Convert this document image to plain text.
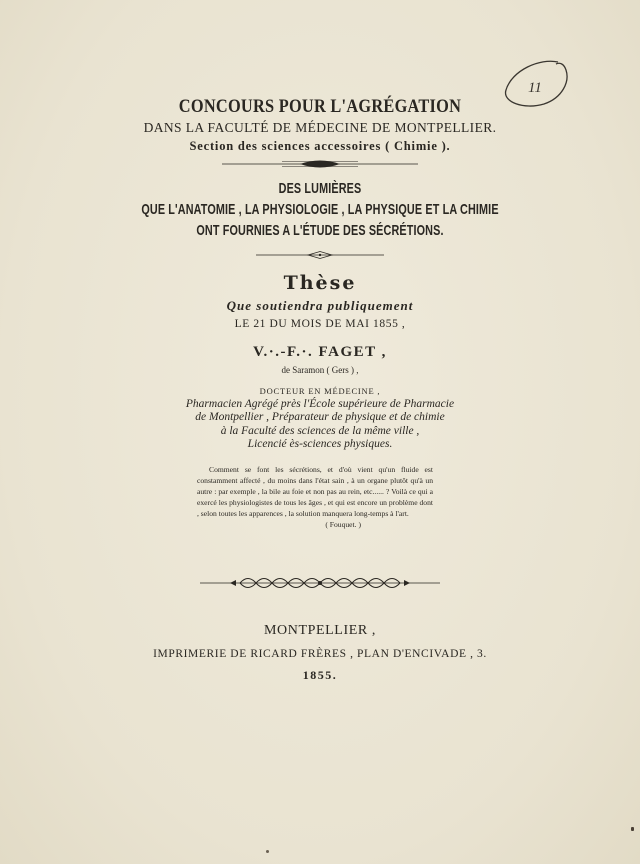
CONCOURS POUR L'AGRÉGATION
DANS LA FACULTÉ DE MÉDECINE DE MONTPELLIER.
Section des sciences accessoires ( Chimie ).
DES LUMIÈRES
QUE L'ANATOMIE , LA PHYSIOLOGIE , LA PHYSIQUE ET LA CHIMIE
ONT FOURNIES A L'ÉTUDE DES SÉCRÉTIONS.
Thèse
Que soutiendra publiquement
LE 21 DU MOIS DE MAI 1855 ,
V.·.-F.·. FAGET ,
de Saramon ( Gers ) ,
DOCTEUR EN MÉDECINE ,
Pharmacien Agrégé près l'École supérieure de Pharmacie
de Montpellier , Préparateur de physique et de chimie
à la Faculté des sciences de la même ville ,
Licencié ès-sciences physiques.
Comment se font les sécrétions, et d'où vient qu'un fluide est constamment affecté , du moins dans l'état sain , à un organe plutôt qu'à un autre : par exemple , la bile au foie et non pas au rein, etc...... ? Voilà ce qui a exercé les physiologistes de tous les âges , et qui est encore un problème dont , selon toutes les apparences , la solution manquera long-temps à l'art.
( Fouquet. )
MONTPELLIER ,
IMPRIMERIE DE RICARD FRÈRES , PLAN D'ENCIVADE , 3.
1855.
11
